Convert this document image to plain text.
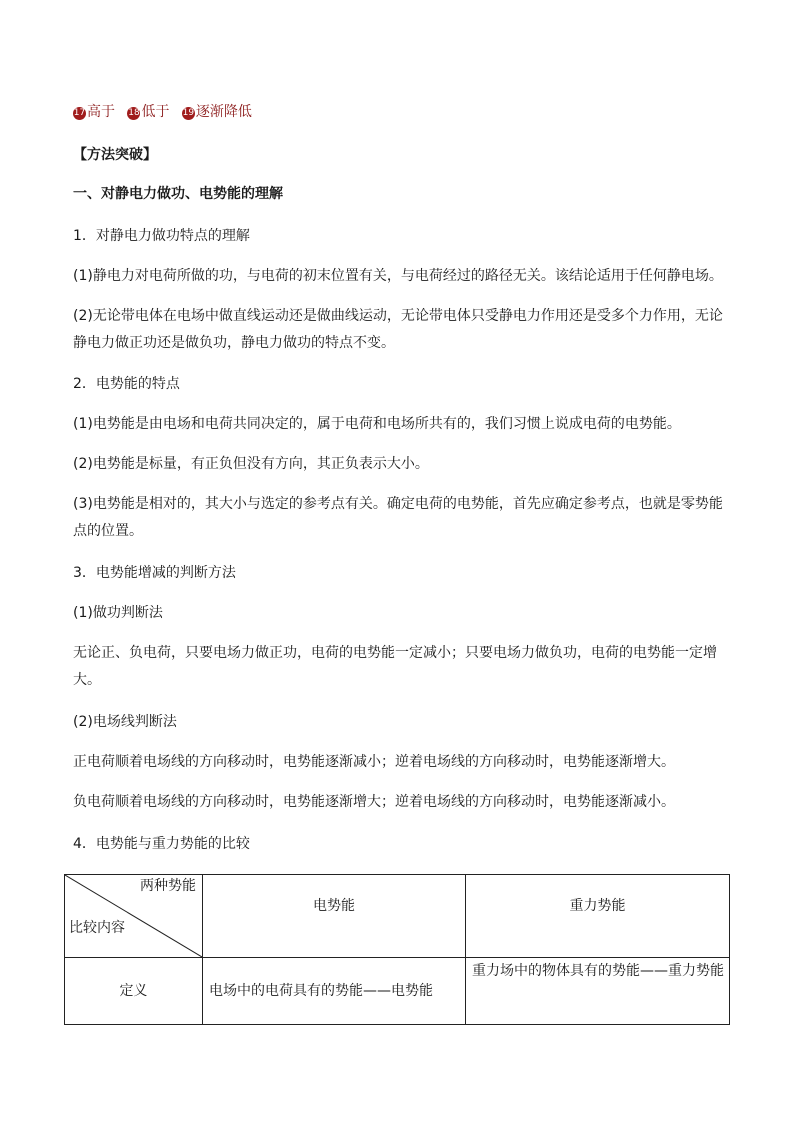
17 高于 18 低于 19 逐渐降低
【方法突破】
一、对静电力做功、电势能的理解
1．对静电力做功特点的理解
(1)静电力对电荷所做的功，与电荷的初末位置有关，与电荷经过的路径无关。该结论适用于任何静电场。
(2)无论带电体在电场中做直线运动还是做曲线运动，无论带电体只受静电力作用还是受多个力作用，无论
静电力做正功还是做负功，静电力做功的特点不变。
2．电势能的特点
(1)电势能是由电场和电荷共同决定的，属于电荷和电场所共有的，我们习惯上说成电荷的电势能。
(2)电势能是标量，有正负但没有方向，其正负表示大小。
(3)电势能是相对的，其大小与选定的参考点有关。确定电荷的电势能，首先应确定参考点，也就是零势能
点的位置。
3．电势能增减的判断方法
(1)做功判断法
无论正、负电荷，只要电场力做正功，电荷的电势能一定减小；只要电场力做负功，电荷的电势能一定增
大。
(2)电场线判断法
正电荷顺着电场线的方向移动时，电势能逐渐减小；逆着电场线的方向移动时，电势能逐渐增大。
负电荷顺着电场线的方向移动时，电势能逐渐增大；逆着电场线的方向移动时，电势能逐渐减小。
4．电势能与重力势能的比较
两种势能
比较内容	电势能	重力势能
定义	电场中的电荷具有的势能——电势能	重力场中的物体具有的势能——重力势能
